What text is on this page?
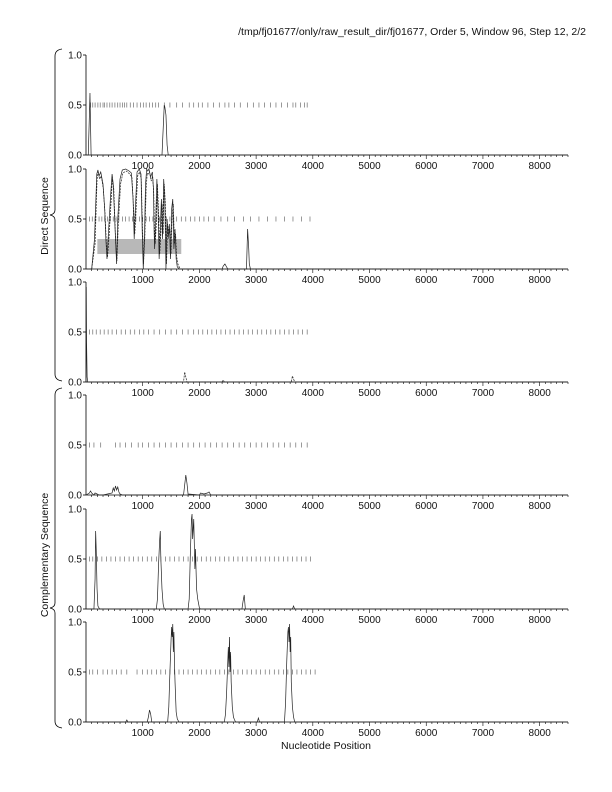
/tmp/fj01677/only/raw_result_dir/fj01677, Order 5, Window 96, Step 12, 2/2
0.0
0.5
1.0
1000	2000	3000	4000	5000	6000	7000	8000
0.0
0.5
1.0
1000	2000	3000	4000	5000	6000	7000	8000
0.0
0.5
1.0
1000	2000	3000	4000	5000	6000	7000	8000
0.0
0.5
1.0
1000	2000	3000	4000	5000	6000	7000	8000
0.0
0.5
1.0
1000	2000	3000	4000	5000	6000	7000	8000
0.0
0.5
1.0
1000	2000	3000	4000	5000	6000	7000	8000
Direct Sequence
Complementary Sequence
Nucleotide Position
